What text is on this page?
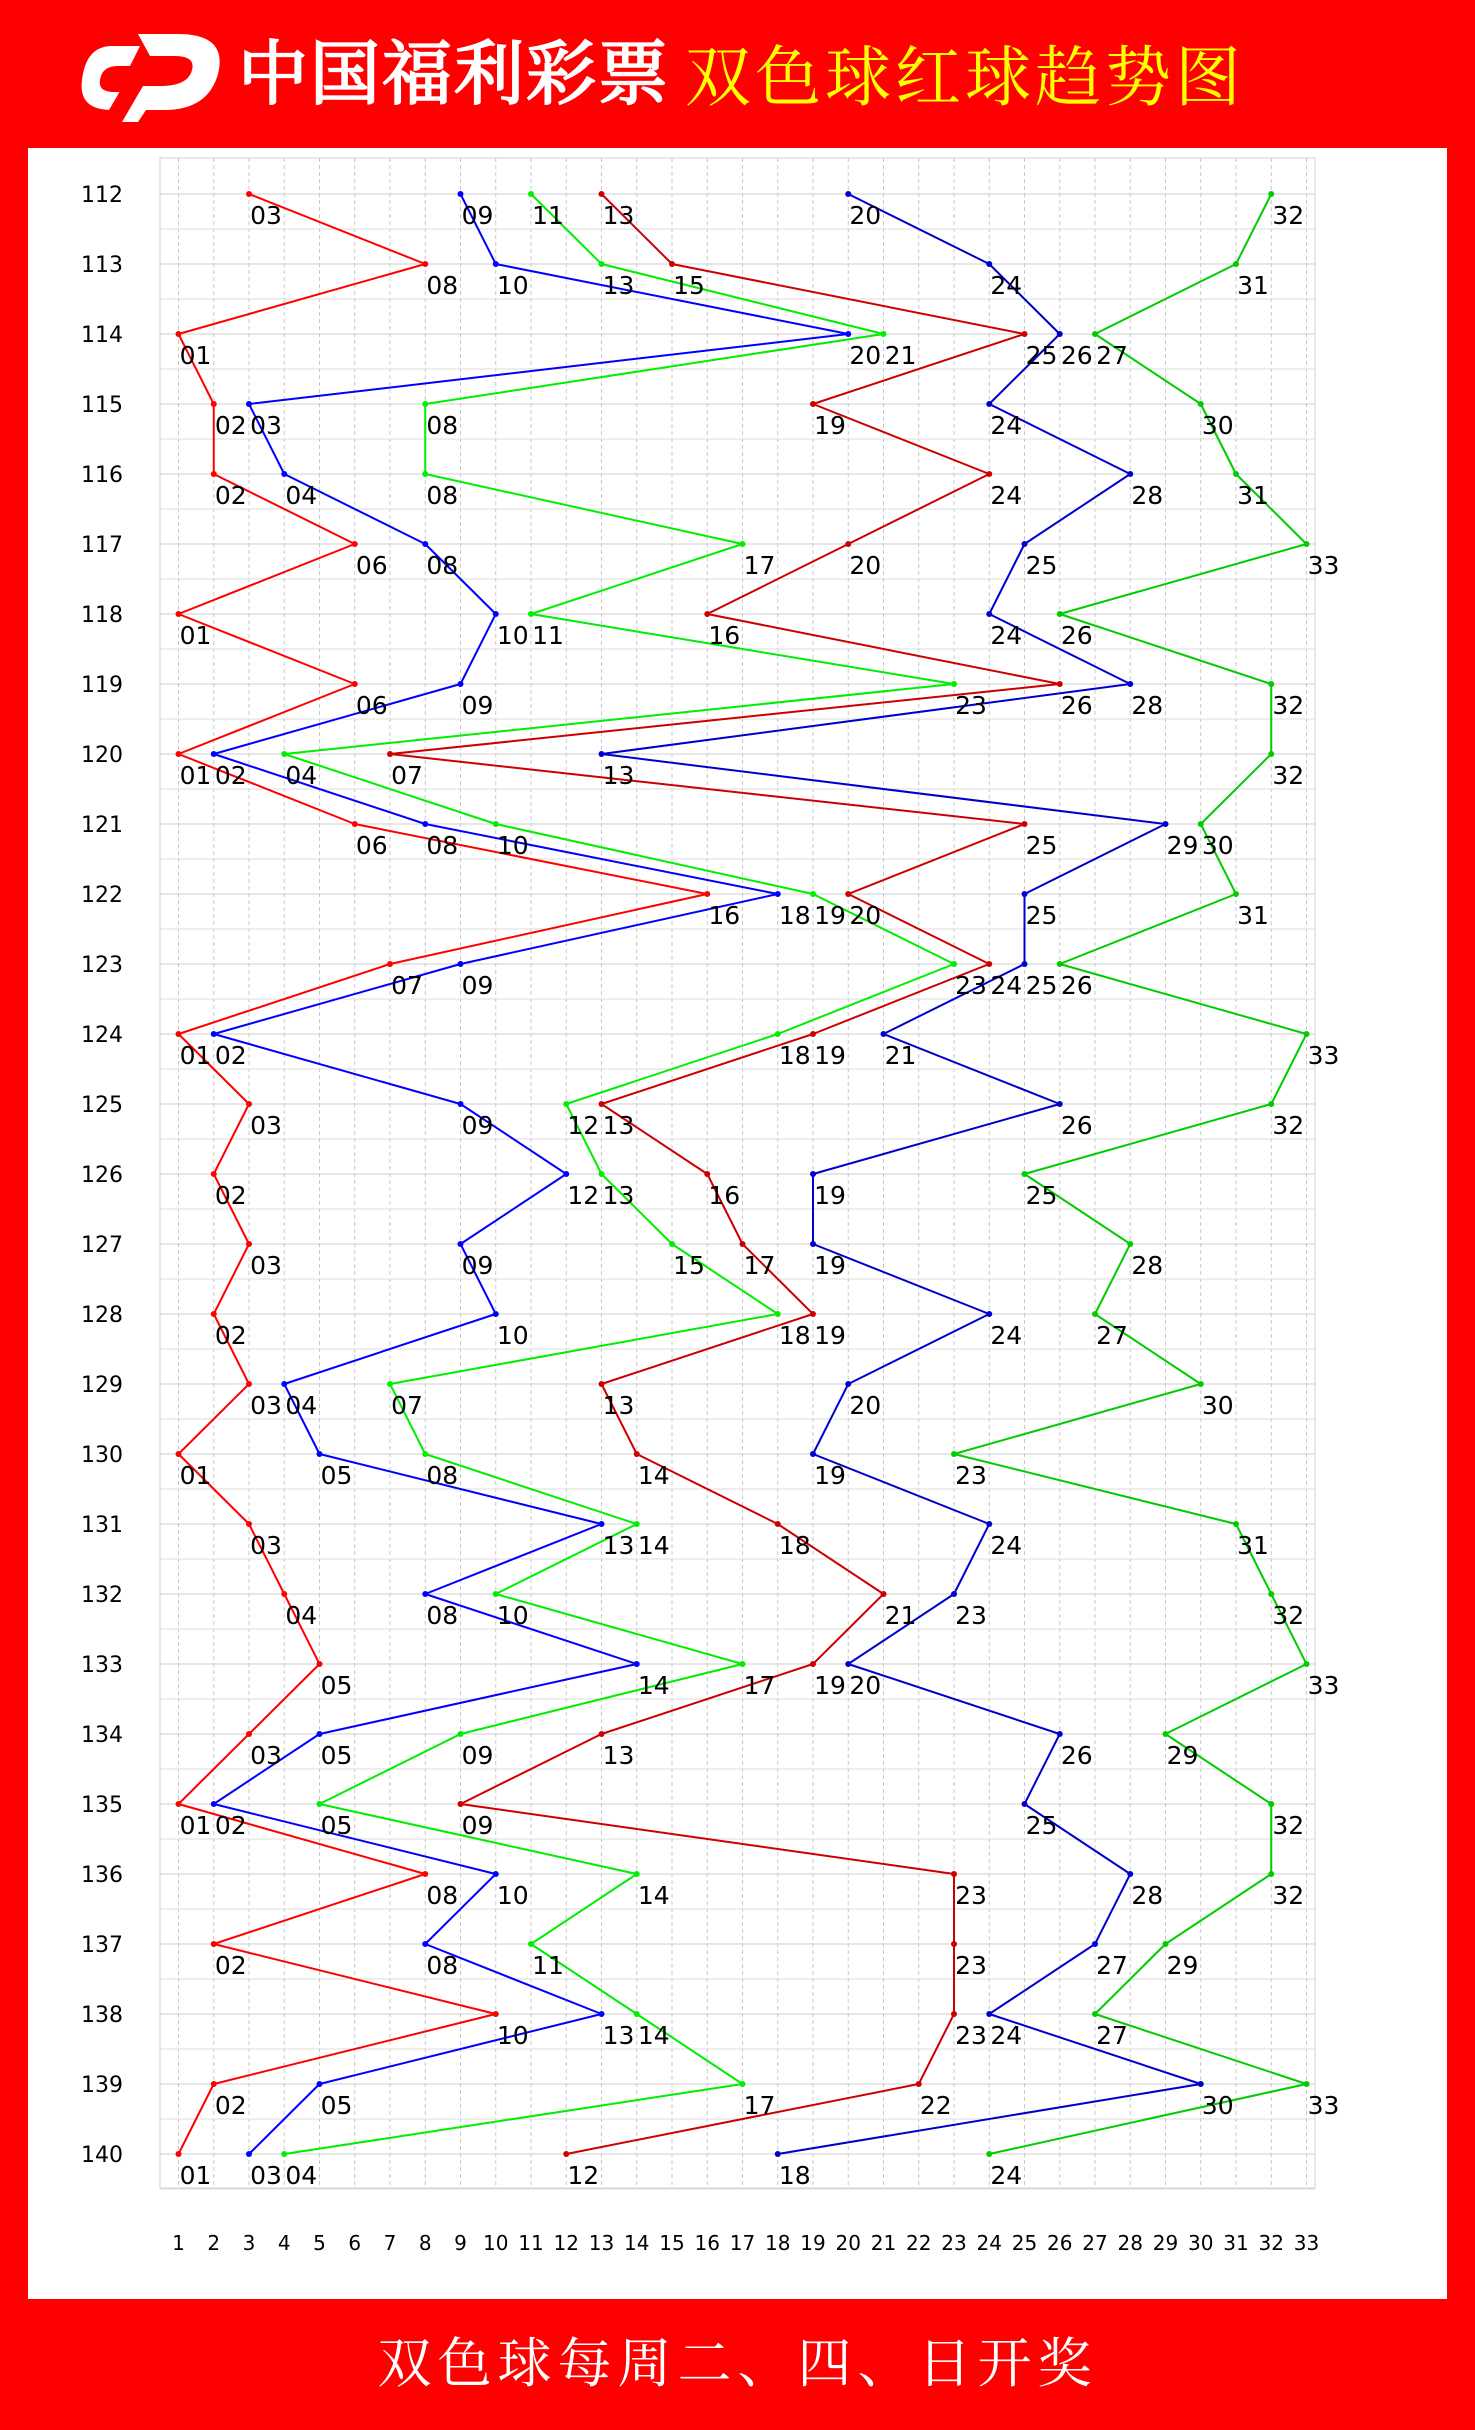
中国福利彩票 双色球红球趋势图
03	09 11 13	20	32
08 10	13 15	24	31
01	20 21	25 26 27
02 03	08	19	24	30
02 04	08	24	28	31
06 08	17	20	25	33
01	10 11	16	24 26
06	09	23	26 28	32
01 02 04	07	13	32
06 08 10	25	29 30
16 18 19 20	25	31
07 09	23 24 25 26
01 02	18 19 21	33
03	09	12 13	26	32
02	12 13	16	19	25
03	09	15 17 19	28
02	10	18 19	24	27
03 04	07	13	20	30
01	05	08	14	19	23
03	13 14	18	24	31
04	08 10	21 23	32
05	14	17 19 20	33
03 05	09	13	26	29
01 02	05	09	25	32
08 10	14	23	28	32
02	08	11	23	27 29
10	13 14	23 24	27
02	05	17	22	30	33
01 03 04	12	18	24
112
113
114
115
116
117
118
119
120
121
122
123
124
125
126
127
128
129
130
131
132
133
134
135
136
137
138
139
140
1 2 3 4 5 6 7 8 9 10 11 12 13 14 15 16 17 18 19 20 21 22 23 24 25 26 27 28 29 30 31 32 33
双色球每周二、四、日开奖
